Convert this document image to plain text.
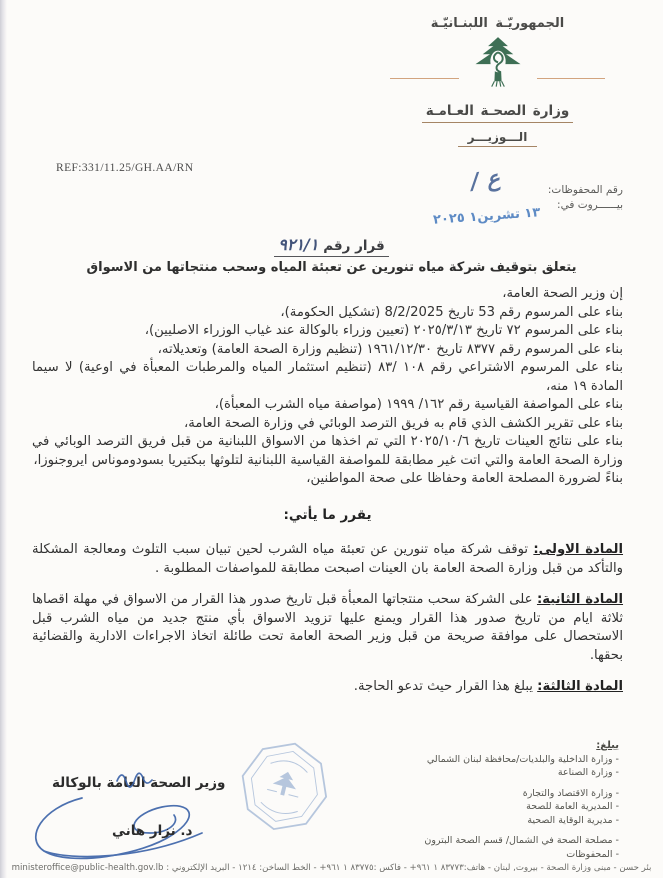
الجمهوريّـة اللبنـانيّـة
وزارة الصحـة العـامـة
الـــوزيـــر
REF:331/11.25/GH.AA/RN
رقم المحفوظات:
بيــــــروت في:
ع /
١٣ تشرين١ ٢٠٢٥
قرار رقم ٩٢١/١
يتعلق بتوقيف شركة مياه تنورين عن تعبئة المياه وسحب منتجاتها من الاسواق
إن وزير الصحة العامة،
بناء على المرسوم رقم 53 تاريخ 8/2/2025 (تشكيل الحكومة)،
بناء على المرسوم ٧٢ تاريخ ٢٠٢٥/٣/١٣ (تعيين وزراء بالوكالة عند غياب الوزراء الاصليين)،
بناء على المرسوم رقم ٨٣٧٧ تاريخ ١٩٦١/١٢/٣٠ (تنظيم وزارة الصحة العامة) وتعديلاته،
بناء على المرسوم الاشتراعي رقم ١٠٨ /٨٣ (تنظيم استثمار المياه والمرطبات المعبأة في اوعية) لا سيما المادة ١٩ منه،
بناء على المواصفة القياسية رقم ١٦٢/ ١٩٩٩ (مواصفة مياه الشرب المعبأة)،
بناء على تقرير الكشف الذي قام به فريق الترصد الوبائي في وزارة الصحة العامة،
بناء على نتائج العينات تاريخ ٢٠٢٥/١٠/٦ التي تم اخذها من الاسواق اللبنانية من قبل فريق الترصد الوبائي في وزارة الصحة العامة والتي اتت غير مطابقة للمواصفة القياسية اللبنانية لتلوثها ببكتيريا بسودوموناس ايروجنوزا،
بناءً لضرورة المصلحة العامة وحفاظا على صحة المواطنين،
يقرر ما يأتي:
المادة الاولى: توقف شركة مياه تنورين عن تعبئة مياه الشرب لحين تبيان سبب التلوث ومعالجة المشكلة والتأكد من قبل وزارة الصحة العامة بان العينات اصبحت مطابقة للمواصفات المطلوبة .
المادة الثانية: على الشركة سحب منتجاتها المعبأة قبل تاريخ صدور هذا القرار من الاسواق في مهلة اقصاها ثلاثة ايام من تاريخ صدور هذا القرار ويمنع عليها تزويد الاسواق بأي منتج جديد من مياه الشرب قبل الاستحصال على موافقة صريحة من قبل وزير الصحة العامة تحت طائلة اتخاذ الاجراءات الادارية والقضائية بحقها.
المادة الثالثة: يبلغ هذا القرار حيث تدعو الحاجة.
يبلغ:
- وزارة الداخلية والبلديات/محافظة لبنان الشمالي
- وزارة الصناعة
- وزارة الاقتصاد والتجارة
- المديرية العامة للصحة
- مديرية الوقاية الصحية
- مصلحة الصحة في الشمال/ قسم الصحة البترون
- المحفوظات
وزير الصحة العامة بالوكالة
د. نزار هاني
بئر حسن - مبنى وزارة الصحة - بيروت, لبنان - هاتف:٨٣٧٧٣ ١ ٩٦١+ - فاكس :٨٣٧٧٥ ١ ٩٦١+ - الخط الساخن: ١٢١٤ - البريد الإلكتروني : ministeroffice@public-health.gov.lb
